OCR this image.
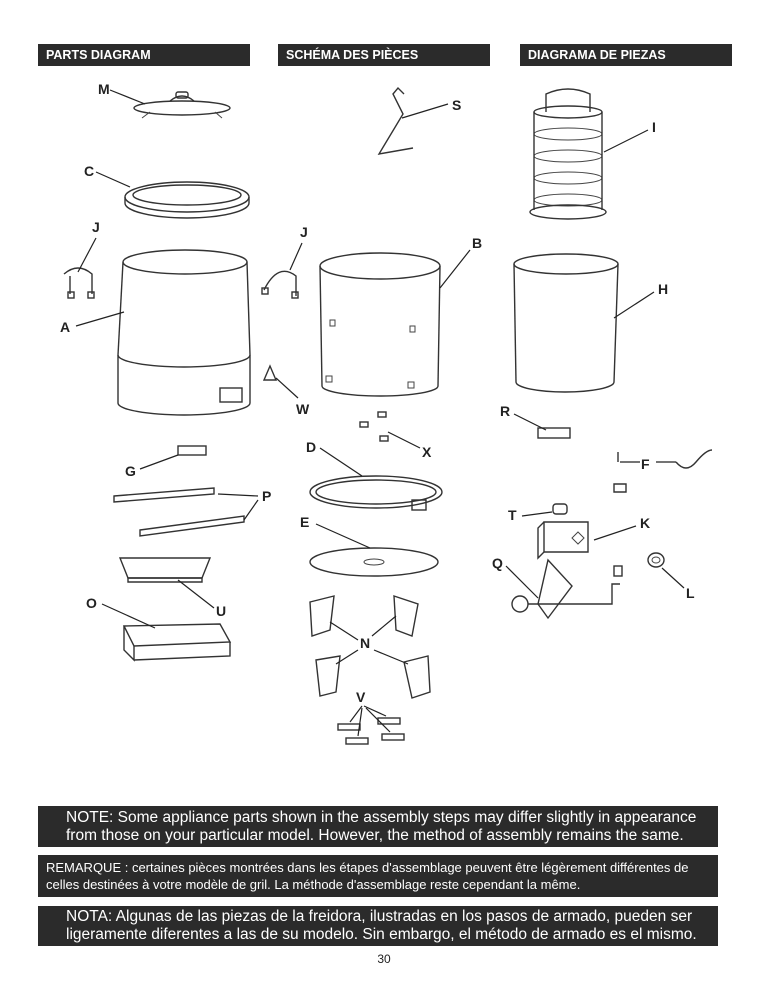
PARTS DIAGRAM	SCHÉMA DES PIÈCES	DIAGRAMA DE PIEZAS
M
C
J
A
G
P
U
O
S
J
B
W
X
D
E
N
V
I
H
R
F
T	K
L
Q
NOTE: Some appliance parts shown in the assembly steps may differ slightly in appearance from those on your particular model. However, the method of assembly remains the same.
REMARQUE : certaines pièces montrées dans les étapes d'assemblage peuvent être légèrement différentes de celles destinées à votre modèle de gril. La méthode d'assemblage reste cependant la même.
NOTA: Algunas de las piezas de la freidora, ilustradas en los pasos de armado, pueden ser ligeramente diferentes a las de su modelo. Sin embargo, el método de armado es el mismo.
30
